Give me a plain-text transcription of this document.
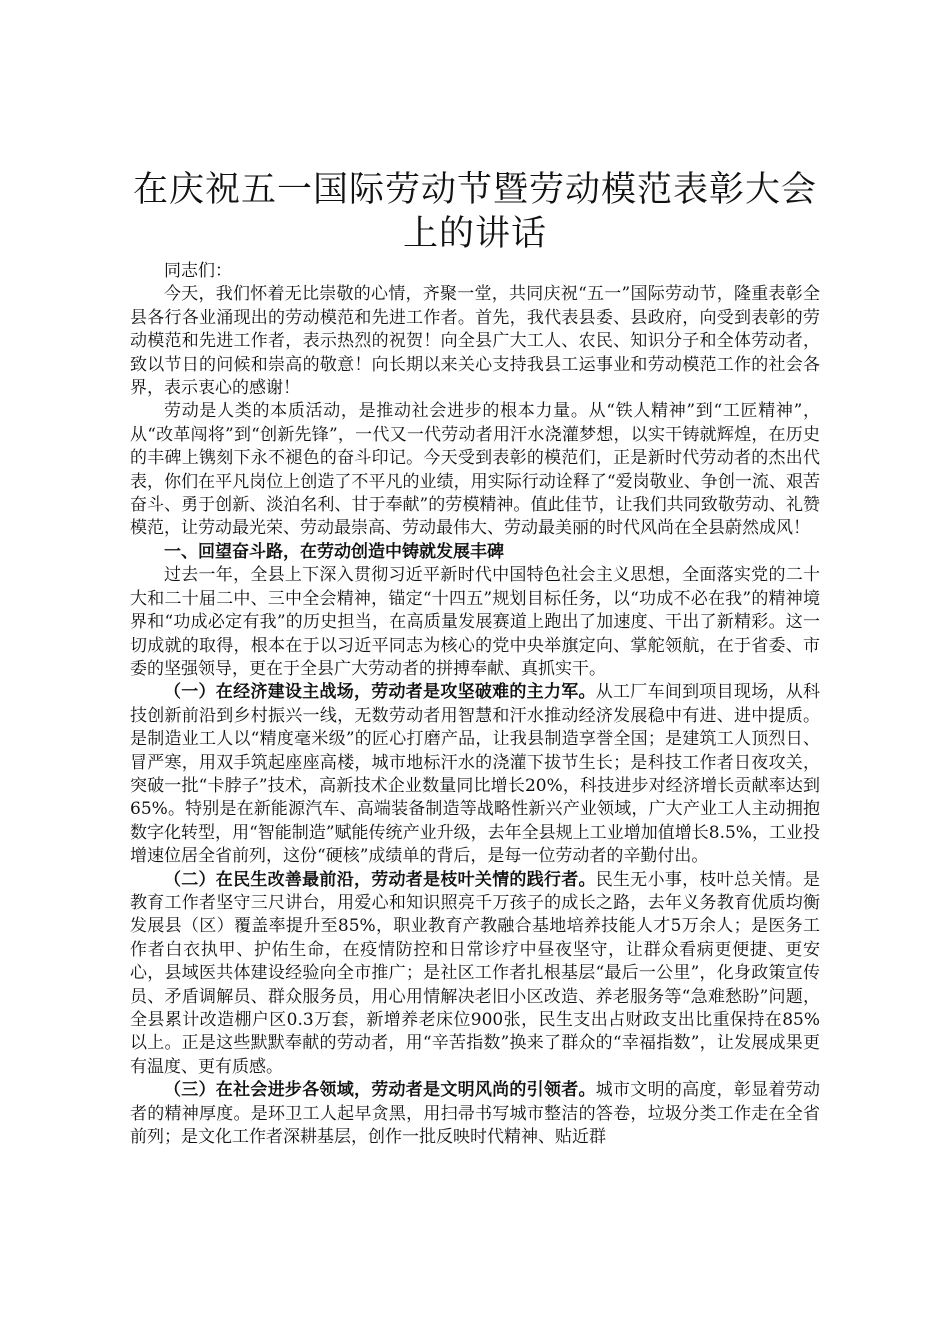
在庆祝五一国际劳动节暨劳动模范表彰大会上的讲话

同志们：

今天，我们怀着无比崇敬的心情，齐聚一堂，共同庆祝“五一”国际劳动节，隆重表彰全县各行各业涌现出的劳动模范和先进工作者。首先，我代表县委、县政府，向受到表彰的劳动模范和先进工作者，表示热烈的祝贺！向全县广大工人、农民、知识分子和全体劳动者，致以节日的问候和崇高的敬意！向长期以来关心支持我县工运事业和劳动模范工作的社会各界，表示衷心的感谢！

劳动是人类的本质活动，是推动社会进步的根本力量。从“铁人精神”到“工匠精神”，从“改革闯将”到“创新先锋”，一代又一代劳动者用汗水浇灌梦想，以实干铸就辉煌，在历史的丰碑上镌刻下永不褪色的奋斗印记。今天受到表彰的模范们，正是新时代劳动者的杰出代表，你们在平凡岗位上创造了不平凡的业绩，用实际行动诠释了“爱岗敬业、争创一流、艰苦奋斗、勇于创新、淡泊名利、甘于奉献”的劳模精神。值此佳节，让我们共同致敬劳动、礼赞模范，让劳动最光荣、劳动最崇高、劳动最伟大、劳动最美丽的时代风尚在全县蔚然成风！

一、回望奋斗路，在劳动创造中铸就发展丰碑

过去一年，全县上下深入贯彻习近平新时代中国特色社会主义思想，全面落实党的二十大和二十届二中、三中全会精神，锚定“十四五”规划目标任务，以“功成不必在我”的精神境界和“功成必定有我”的历史担当，在高质量发展赛道上跑出了加速度、干出了新精彩。这一切成就的取得，根本在于以习近平同志为核心的党中央举旗定向、掌舵领航，在于省委、市委的坚强领导，更在于全县广大劳动者的拼搏奉献、真抓实干。

（一）在经济建设主战场，劳动者是攻坚破难的主力军。从工厂车间到项目现场，从科技创新前沿到乡村振兴一线，无数劳动者用智慧和汗水推动经济发展稳中有进、进中提质。是制造业工人以“精度毫米级”的匠心打磨产品，让我县制造享誉全国；是建筑工人顶烈日、冒严寒，用双手筑起座座高楼，城市地标汗水的浇灌下拔节生长；是科技工作者日夜攻关，突破一批“卡脖子”技术，高新技术企业数量同比增长20%，科技进步对经济增长贡献率达到65%。特别是在新能源汽车、高端装备制造等战略性新兴产业领域，广大产业工人主动拥抱数字化转型，用“智能制造”赋能传统产业升级，去年全县规上工业增加值增长8.5%，工业投增速位居全省前列，这份“硬核”成绩单的背后，是每一位劳动者的辛勤付出。

（二）在民生改善最前沿，劳动者是枝叶关情的践行者。民生无小事，枝叶总关情。是教育工作者坚守三尺讲台，用爱心和知识照亮千万孩子的成长之路，去年义务教育优质均衡发展县（区）覆盖率提升至85%，职业教育产教融合基地培养技能人才5万余人；是医务工作者白衣执甲、护佑生命，在疫情防控和日常诊疗中昼夜坚守，让群众看病更便捷、更安心，县域医共体建设经验向全市推广；是社区工作者扎根基层“最后一公里”，化身政策宣传员、矛盾调解员、群众服务员，用心用情解决老旧小区改造、养老服务等“急难愁盼”问题，全县累计改造棚户区0.3万套，新增养老床位900张，民生支出占财政支出比重保持在85%以上。正是这些默默奉献的劳动者，用“辛苦指数”换来了群众的“幸福指数”，让发展成果更有温度、更有质感。

（三）在社会进步各领域，劳动者是文明风尚的引领者。城市文明的高度，彰显着劳动者的精神厚度。是环卫工人起早贪黑，用扫帚书写城市整洁的答卷，垃圾分类工作走在全省前列；是文化工作者深耕基层，创作一批反映时代精神、贴近群
